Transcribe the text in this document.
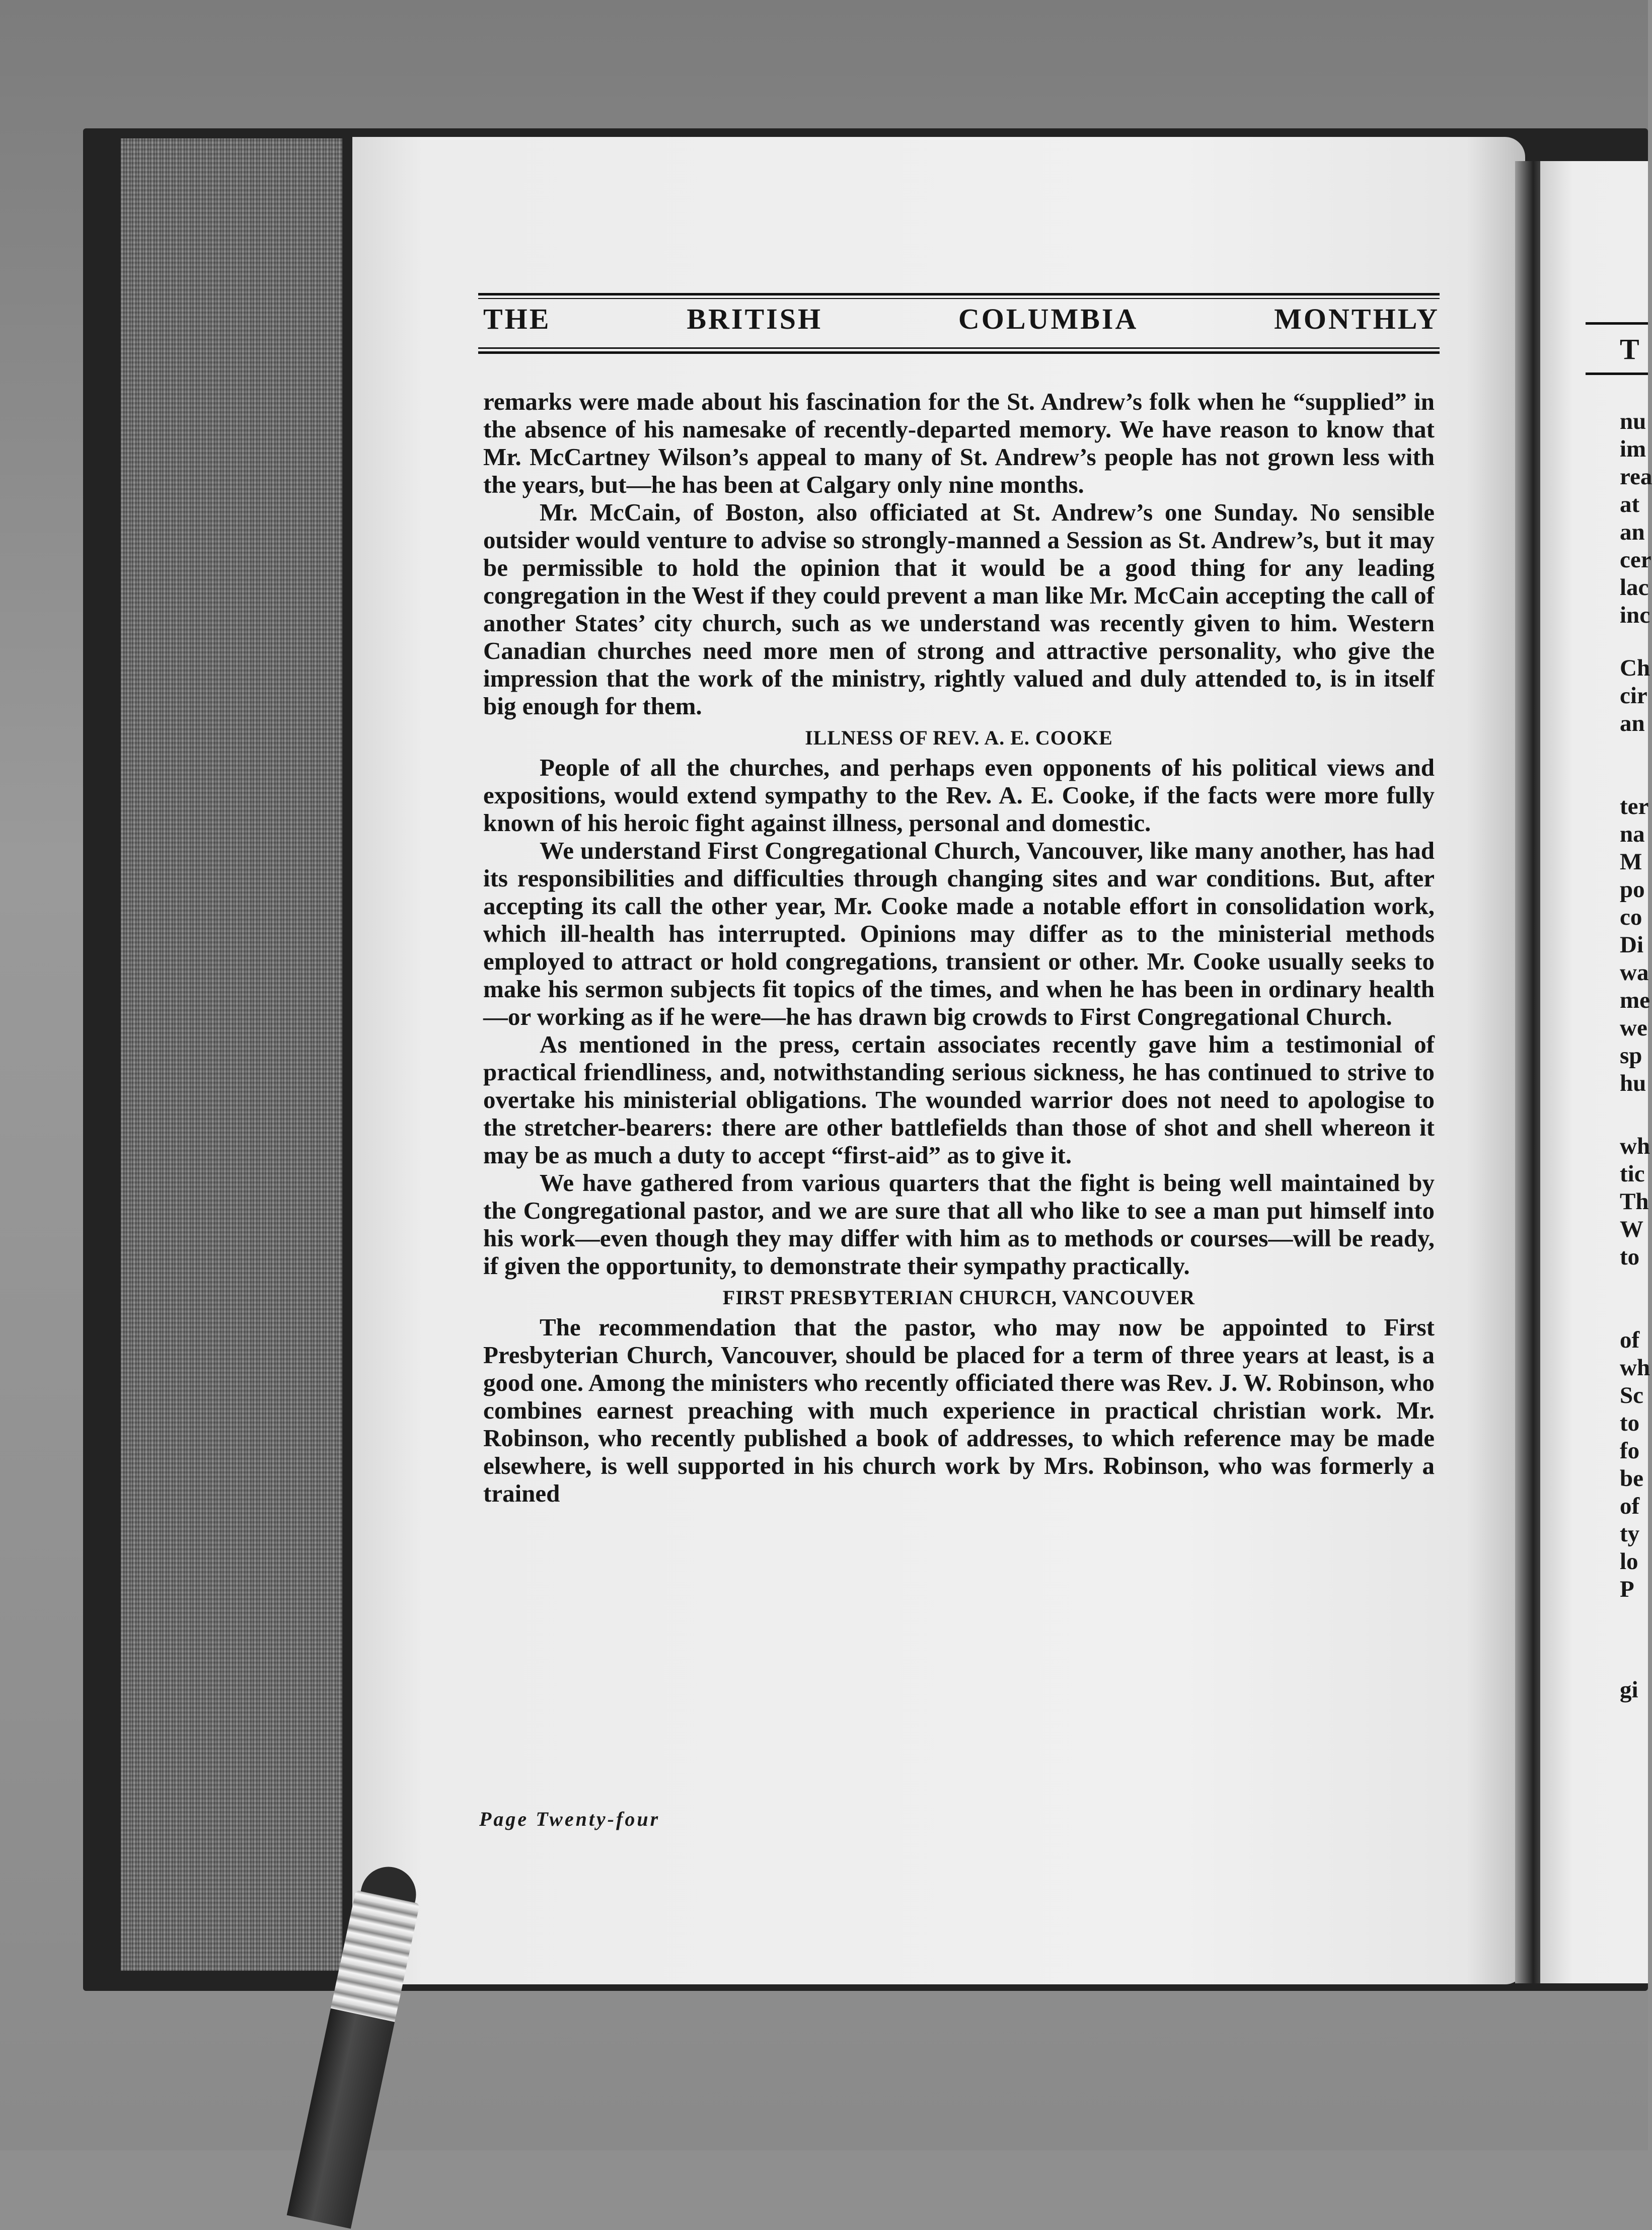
THE	BRITISH	COLUMBIA	MONTHLY

remarks were made about his fascination for the St. Andrew’s folk when he “supplied” in the absence of his namesake of recently-departed memory. We have reason to know that Mr. McCartney Wilson’s appeal to many of St. Andrew’s people has not grown less with the years, but—he has been at Calgary only nine months.

Mr. McCain, of Boston, also officiated at St. Andrew’s one Sunday. No sensible outsider would venture to advise so strongly-manned a Session as St. Andrew’s, but it may be permissible to hold the opinion that it would be a good thing for any leading congregation in the West if they could prevent a man like Mr. McCain accepting the call of another States’ city church, such as we understand was recently given to him. Western Canadian churches need more men of strong and attractive personality, who give the impression that the work of the ministry, rightly valued and duly attended to, is in itself big enough for them.

ILLNESS OF REV. A. E. COOKE

People of all the churches, and perhaps even opponents of his political views and expositions, would extend sympathy to the Rev. A. E. Cooke, if the facts were more fully known of his heroic fight against illness, personal and domestic.

We understand First Congregational Church, Vancouver, like many another, has had its responsibilities and difficulties through changing sites and war conditions. But, after accepting its call the other year, Mr. Cooke made a notable effort in consolidation work, which ill-health has interrupted. Opinions may differ as to the ministerial methods employed to attract or hold congregations, transient or other. Mr. Cooke usually seeks to make his sermon subjects fit topics of the times, and when he has been in ordinary health—or working as if he were—he has drawn big crowds to First Congregational Church.

As mentioned in the press, certain associates recently gave him a testimonial of practical friendliness, and, notwithstanding serious sickness, he has continued to strive to overtake his ministerial obligations. The wounded warrior does not need to apologise to the stretcher-bearers: there are other battlefields than those of shot and shell whereon it may be as much a duty to accept “first-aid” as to give it.

We have gathered from various quarters that the fight is being well maintained by the Congregational pastor, and we are sure that all who like to see a man put himself into his work—even though they may differ with him as to methods or courses—will be ready, if given the opportunity, to demonstrate their sympathy practically.

FIRST PRESBYTERIAN CHURCH, VANCOUVER

The recommendation that the pastor, who may now be appointed to First Presbyterian Church, Vancouver, should be placed for a term of three years at least, is a good one. Among the ministers who recently officiated there was Rev. J. W. Robinson, who combines earnest preaching with much experience in practical christian work. Mr. Robinson, who recently published a book of addresses, to which reference may be made elsewhere, is well supported in his church work by Mrs. Robinson, who was formerly a trained

Page Twenty-four
T
nu
im
rea
at
an
cer
lac
inc
Ch
cir
an
ter
na
M
po
co
Di
wa
me
we
sp
hu
wh
tic
Th
W
to
of
wh
Sc
to
fo
be
of
ty
lo
P
gi
